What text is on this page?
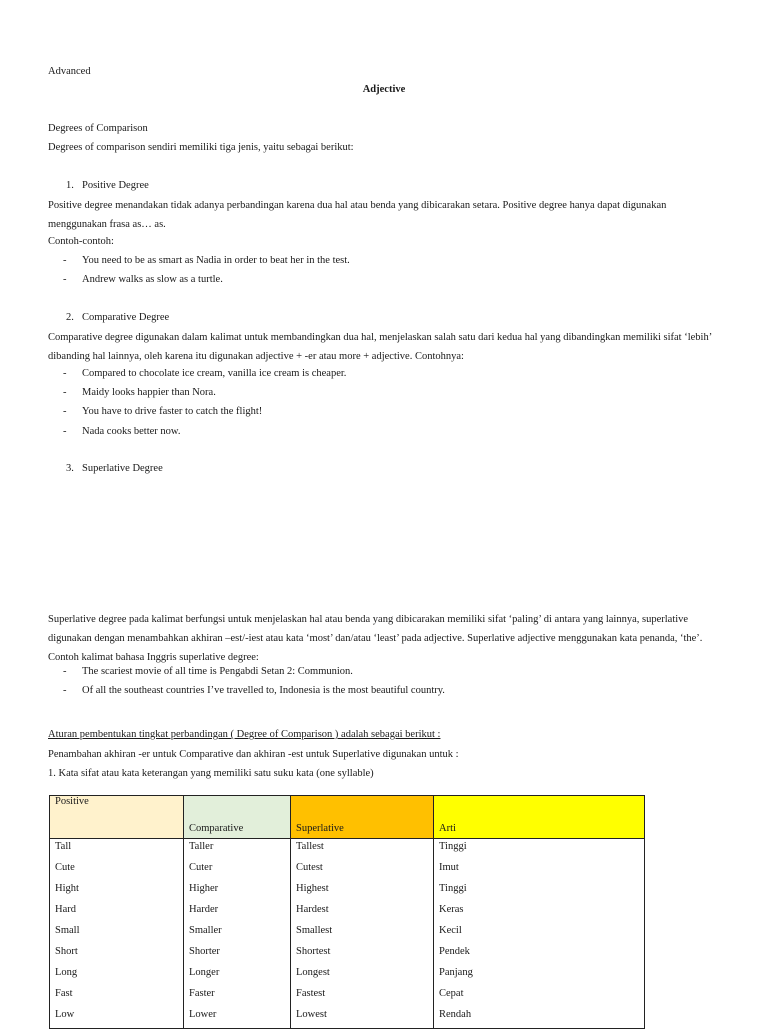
Advanced
Adjective
Degrees of Comparison
Degrees of comparison sendiri memiliki tiga jenis, yaitu sebagai berikut:
1. Positive Degree
Positive degree menandakan tidak adanya perbandingan karena dua hal atau benda yang dibicarakan setara. Positive degree hanya dapat digunakan menggunakan frasa as… as.
Contoh-contoh:
- You need to be as smart as Nadia in order to beat her in the test.
- Andrew walks as slow as a turtle.
2. Comparative Degree
Comparative degree digunakan dalam kalimat untuk membandingkan dua hal, menjelaskan salah satu dari kedua hal yang dibandingkan memiliki sifat ‘lebih’ dibanding hal lainnya, oleh karena itu digunakan adjective + -er atau more + adjective. Contohnya:
- Compared to chocolate ice cream, vanilla ice cream is cheaper.
- Maidy looks happier than Nora.
- You have to drive faster to catch the flight!
- Nada cooks better now.
3. Superlative Degree
Superlative degree pada kalimat berfungsi untuk menjelaskan hal atau benda yang dibicarakan memiliki sifat ‘paling’ di antara yang lainnya, superlative digunakan dengan menambahkan akhiran –est/-iest atau kata ‘most’ dan/atau ‘least’ pada adjective. Superlative adjective menggunakan kata penanda, ‘the’. Contoh kalimat bahasa Inggris superlative degree:
- The scariest movie of all time is Pengabdi Setan 2: Communion.
- Of all the southeast countries I’ve travelled to, Indonesia is the most beautiful country.
Aturan pembentukan tingkat perbandingan ( Degree of Comparison ) adalah sebagai berikut :
Penambahan akhiran -er untuk Comparative dan akhiran -est untuk Superlative digunakan untuk :
1. Kata sifat atau kata keterangan yang memiliki satu suku kata (one syllable)
Positive	Comparative	Superlative	Arti
Tall	Taller	Tallest	Tinggi
Cute	Cuter	Cutest	Imut
Hight	Higher	Highest	Tinggi
Hard	Harder	Hardest	Keras
Small	Smaller	Smallest	Kecil
Short	Shorter	Shortest	Pendek
Long	Longer	Longest	Panjang
Fast	Faster	Fastest	Cepat
Low	Lower	Lowest	Rendah
